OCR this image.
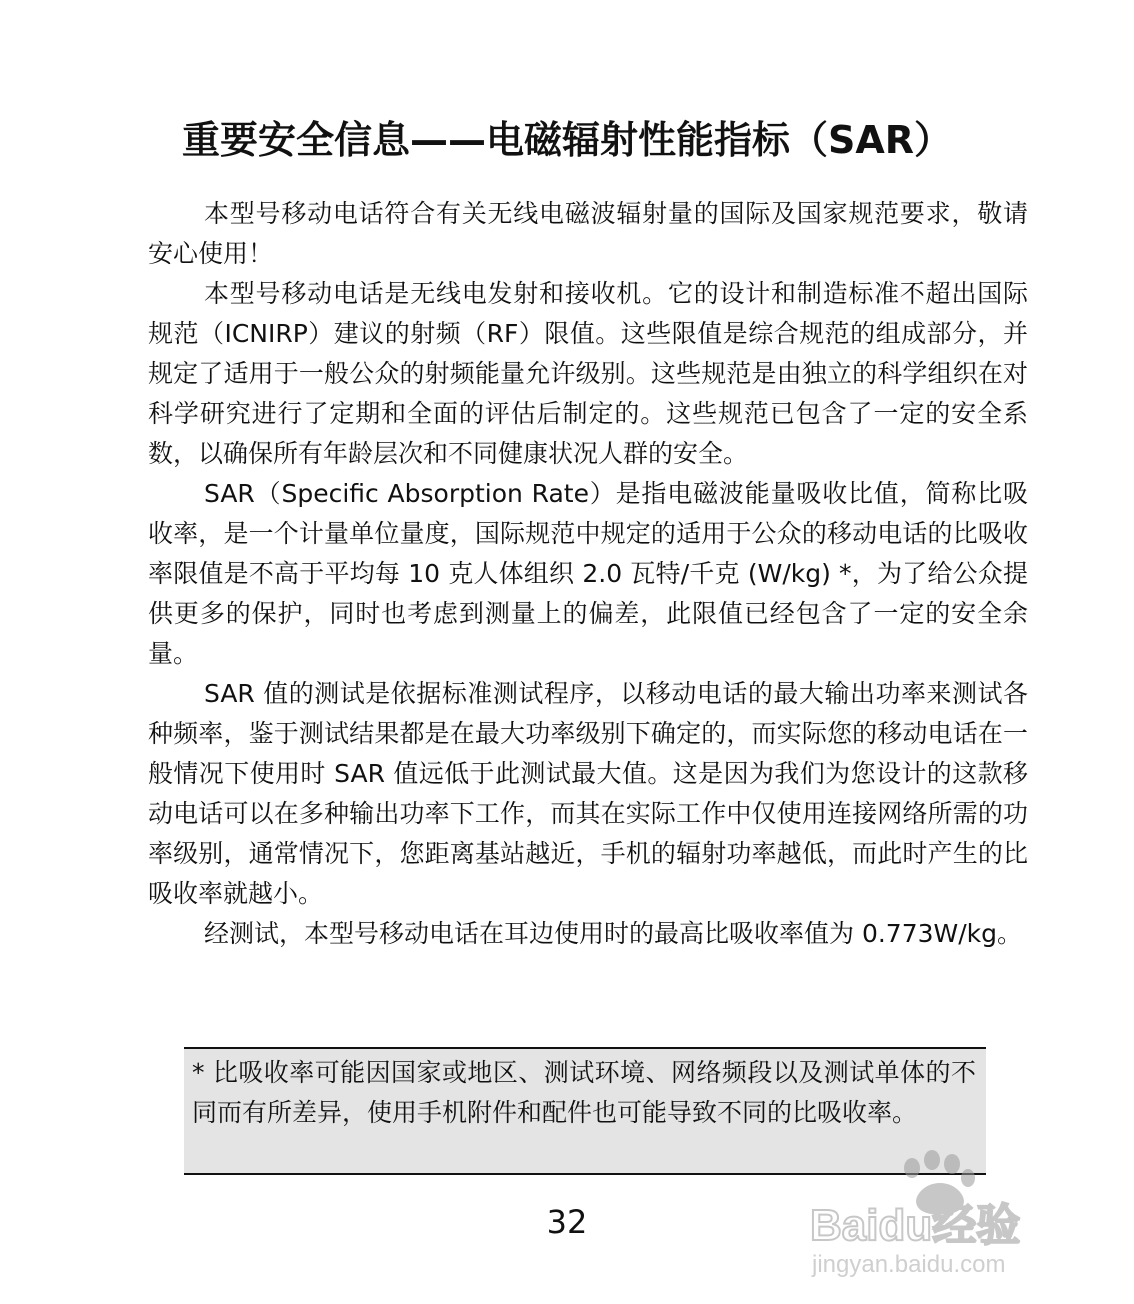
重要安全信息——电磁辐射性能指标（SAR）

本型号移动电话符合有关无线电磁波辐射量的国际及国家规范要求，敬请安心使用！

本型号移动电话是无线电发射和接收机。它的设计和制造标准不超出国际规范（ICNIRP）建议的射频（RF）限值。这些限值是综合规范的组成部分，并规定了适用于一般公众的射频能量允许级别。这些规范是由独立的科学组织在对科学研究进行了定期和全面的评估后制定的。这些规范已包含了一定的安全系数，以确保所有年龄层次和不同健康状况人群的安全。

SAR（Specific Absorption Rate）是指电磁波能量吸收比值，简称比吸收率，是一个计量单位量度，国际规范中规定的适用于公众的移动电话的比吸收率限值是不高于平均每 10 克人体组织 2.0 瓦特/千克 (W/kg) *，为了给公众提供更多的保护，同时也考虑到测量上的偏差，此限值已经包含了一定的安全余量。

SAR 值的测试是依据标准测试程序，以移动电话的最大输出功率来测试各种频率，鉴于测试结果都是在最大功率级别下确定的，而实际您的移动电话在一般情况下使用时 SAR 值远低于此测试最大值。这是因为我们为您设计的这款移动电话可以在多种输出功率下工作，而其在实际工作中仅使用连接网络所需的功率级别，通常情况下，您距离基站越近，手机的辐射功率越低，而此时产生的比吸收率就越小。

经测试，本型号移动电话在耳边使用时的最高比吸收率值为 0.773W/kg。

* 比吸收率可能因国家或地区、测试环境、网络频段以及测试单体的不同而有所差异，使用手机附件和配件也可能导致不同的比吸收率。

32	Baidu经验
jingyan.baidu.com
